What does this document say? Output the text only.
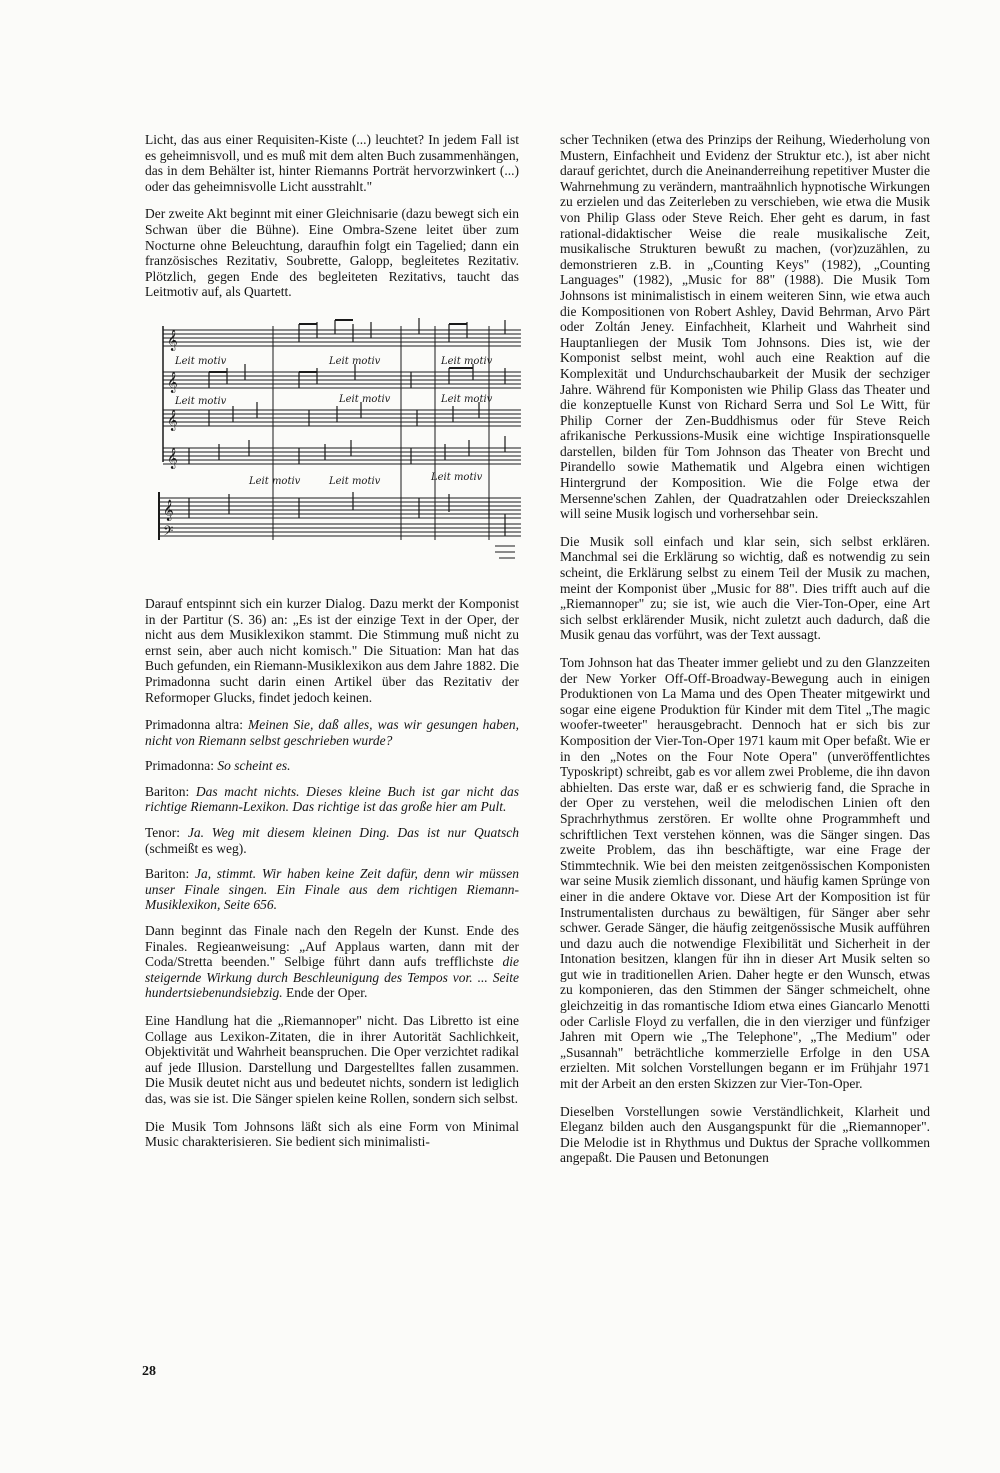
Licht, das aus einer Requisiten-Kiste (...) leuchtet? In jedem Fall ist es geheimnisvoll, und es muß mit dem alten Buch zusammenhängen, das in dem Behälter ist, hinter Riemanns Porträt hervorzwinkert (...) oder das geheimnisvolle Licht ausstrahlt."

Der zweite Akt beginnt mit einer Gleichnisarie (dazu bewegt sich ein Schwan über die Bühne). Eine Ombra-Szene leitet über zum Nocturne ohne Beleuchtung, daraufhin folgt ein Tagelied; dann ein französisches Rezitativ, Soubrette, Galopp, begleitetes Rezitativ. Plötzlich, gegen Ende des begleiteten Rezitativs, taucht das Leitmotiv auf, als Quartett.

𝄞
𝄞
𝄞
𝄞
𝄞
𝄢
Leit motiv	Leit motiv	Leit motiv
Leit motiv	Leit motiv	Leit motiv
Leit motiv	Leit motiv	Leit motiv

Darauf entspinnt sich ein kurzer Dialog. Dazu merkt der Komponist in der Partitur (S. 36) an: „Es ist der einzige Text in der Oper, der nicht aus dem Musiklexikon stammt. Die Stimmung muß nicht zu ernst sein, aber auch nicht komisch." Die Situation: Man hat das Buch gefunden, ein Riemann-Musiklexikon aus dem Jahre 1882. Die Primadonna sucht darin einen Artikel über das Rezitativ der Reformoper Glucks, findet jedoch keinen.

Primadonna altra: Meinen Sie, daß alles, was wir gesungen haben, nicht von Riemann selbst geschrieben wurde?

Primadonna: So scheint es.

Bariton: Das macht nichts. Dieses kleine Buch ist gar nicht das richtige Riemann-Lexikon. Das richtige ist das große hier am Pult.

Tenor: Ja. Weg mit diesem kleinen Ding. Das ist nur Quatsch (schmeißt es weg).

Bariton: Ja, stimmt. Wir haben keine Zeit dafür, denn wir müssen unser Finale singen. Ein Finale aus dem richtigen Riemann- Musiklexikon, Seite 656.

Dann beginnt das Finale nach den Regeln der Kunst. Ende des Finales. Regieanweisung: „Auf Applaus warten, dann mit der Coda/Stretta beenden." Selbige führt dann aufs trefflichste die steigernde Wirkung durch Beschleunigung des Tempos vor. ... Seite hundertsiebenundsiebzig. Ende der Oper.

Eine Handlung hat die „Riemannoper" nicht. Das Libretto ist eine Collage aus Lexikon-Zitaten, die in ihrer Autorität Sachlichkeit, Objektivität und Wahrheit beanspruchen. Die Oper verzichtet radikal auf jede Illusion. Darstellung und Dargestelltes fallen zusammen. Die Musik deutet nicht aus und bedeutet nichts, sondern ist lediglich das, was sie ist. Die Sänger spielen keine Rollen, sondern sich selbst.

Die Musik Tom Johnsons läßt sich als eine Form von Minimal Music charakterisieren. Sie bedient sich minimalisti-

scher Techniken (etwa des Prinzips der Reihung, Wiederholung von Mustern, Einfachheit und Evidenz der Struktur etc.), ist aber nicht darauf gerichtet, durch die Aneinanderreihung repetitiver Muster die Wahrnehmung zu verändern, mantraähnlich hypnotische Wirkungen zu erzielen und das Zeiterleben zu verschieben, wie etwa die Musik von Philip Glass oder Steve Reich. Eher geht es darum, in fast rational-didaktischer Weise die reale musikalische Zeit, musikalische Strukturen bewußt zu machen, (vor)zuzählen, zu demonstrieren z.B. in „Counting Keys" (1982), „Counting Languages" (1982), „Music for 88" (1988). Die Musik Tom Johnsons ist minimalistisch in einem weiteren Sinn, wie etwa auch die Kompositionen von Robert Ashley, David Behrman, Arvo Pärt oder Zoltán Jeney. Einfachheit, Klarheit und Wahrheit sind Hauptanliegen der Musik Tom Johnsons. Dies ist, wie der Komponist selbst meint, wohl auch eine Reaktion auf die Komplexität und Undurchschaubarkeit der Musik der sechziger Jahre. Während für Komponisten wie Philip Glass das Theater und die konzeptuelle Kunst von Richard Serra und Sol Le Witt, für Philip Corner der Zen-Buddhismus oder für Steve Reich afrikanische Perkussions-Musik eine wichtige Inspirationsquelle darstellen, bilden für Tom Johnson das Theater von Brecht und Pirandello sowie Mathematik und Algebra einen wichtigen Hintergrund der Komposition. Wie die Folge etwa der Mersenne'schen Zahlen, der Quadratzahlen oder Dreieckszahlen will seine Musik logisch und vorhersehbar sein.

Die Musik soll einfach und klar sein, sich selbst erklären. Manchmal sei die Erklärung so wichtig, daß es notwendig zu sein scheint, die Erklärung selbst zu einem Teil der Musik zu machen, meint der Komponist über „Music for 88". Dies trifft auch auf die „Riemannoper" zu; sie ist, wie auch die Vier-Ton-Oper, eine Art sich selbst erklärender Musik, nicht zuletzt auch dadurch, daß die Musik genau das vorführt, was der Text aussagt.

Tom Johnson hat das Theater immer geliebt und zu den Glanzzeiten der New Yorker Off-Off-Broadway-Bewegung auch in einigen Produktionen von La Mama und des Open Theater mitgewirkt und sogar eine eigene Produktion für Kinder mit dem Titel „The magic woofer-tweeter" herausgebracht. Dennoch hat er sich bis zur Komposition der Vier-Ton-Oper 1971 kaum mit Oper befaßt. Wie er in den „Notes on the Four Note Opera" (unveröffentlichtes Typoskript) schreibt, gab es vor allem zwei Probleme, die ihn davon abhielten. Das erste war, daß er es schwierig fand, die Sprache in der Oper zu verstehen, weil die melodischen Linien oft den Sprachrhythmus zerstören. Er wollte ohne Programmheft und schriftlichen Text verstehen können, was die Sänger singen. Das zweite Problem, das ihn beschäftigte, war eine Frage der Stimmtechnik. Wie bei den meisten zeitgenössischen Komponisten war seine Musik ziemlich dissonant, und häufig kamen Sprünge von einer in die andere Oktave vor. Diese Art der Komposition ist für Instrumentalisten durchaus zu bewältigen, für Sänger aber sehr schwer. Gerade Sänger, die häufig zeitgenössische Musik aufführen und dazu auch die notwendige Flexibilität und Sicherheit in der Intonation besitzen, klangen für ihn in dieser Art Musik selten so gut wie in traditionellen Arien. Daher hegte er den Wunsch, etwas zu komponieren, das den Stimmen der Sänger schmeichelt, ohne gleichzeitig in das romantische Idiom etwa eines Giancarlo Menotti oder Carlisle Floyd zu verfallen, die in den vierziger und fünfziger Jahren mit Opern wie „The Telephone", „The Medium" oder „Susannah" beträchtliche kommerzielle Erfolge in den USA erzielten. Mit solchen Vorstellungen begann er im Frühjahr 1971 mit der Arbeit an den ersten Skizzen zur Vier-Ton-Oper.

Dieselben Vorstellungen sowie Verständlichkeit, Klarheit und Eleganz bilden auch den Ausgangspunkt für die „Riemannoper". Die Melodie ist in Rhythmus und Duktus der Sprache vollkommen angepaßt. Die Pausen und Betonungen

28
